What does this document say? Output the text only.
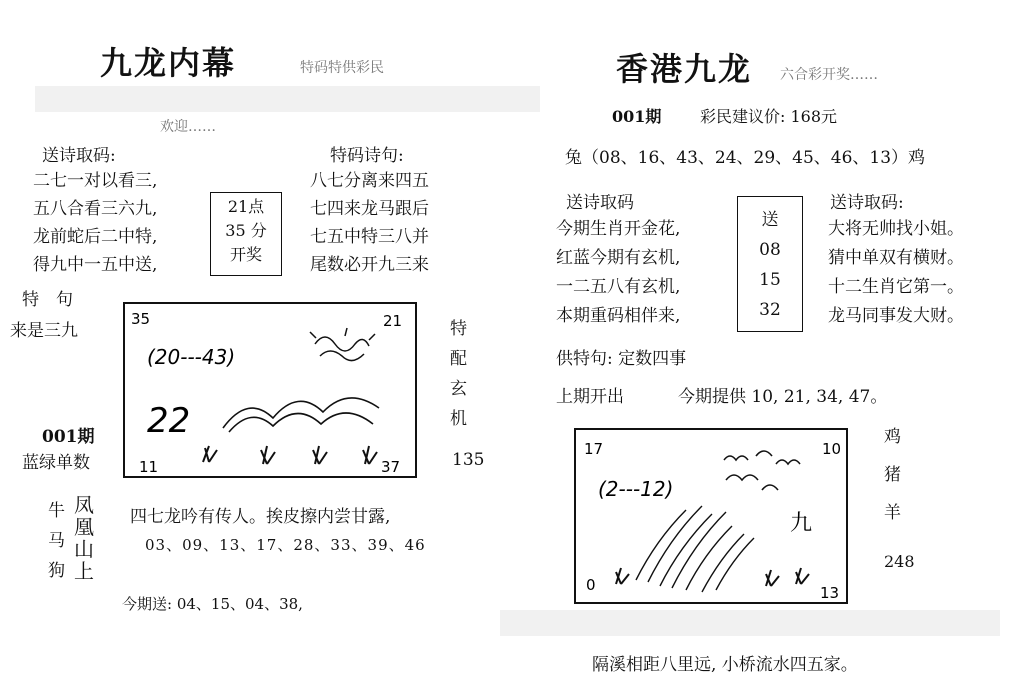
九龙内幕	特码特供彩民
欢迎……
送诗取码:
二七一对以看三,
五八合看三六九,
龙前蛇后二中特,
得九中一五中送,
21点
35 分
开奖
特码诗句:
八七分离来四五
七四来龙马跟后
七五中特三八并
尾数必开九三来
特　句
来是三九
001期
蓝绿单数
35	21
(20---43)
22
11	37
特
配
玄
机
135
牛
马
狗
凤
凰
山
上
四七龙吟有传人。挨皮擦内尝甘露,
03、09、13、17、28、33、39、46
今期送: 04、15、04、38,
香港九龙 六合彩开奖……
001期 彩民建议价: 168元
兔（08、16、43、24、29、45、46、13）鸡
送诗取码
今期生肖开金花,
红蓝今期有玄机,
一二五八有玄机,
本期重码相伴来,
送
08
15
32
送诗取码:
大将无帅找小姐。
猜中单双有横财。
十二生肖它第一。
龙马同事发大财。
供特句: 定数四事
上期开出	今期提供 10, 21, 34, 47。
17	10
(2---12)
九
0	13
鸡
猪
羊
248
隔溪相距八里远, 小桥流水四五家。
